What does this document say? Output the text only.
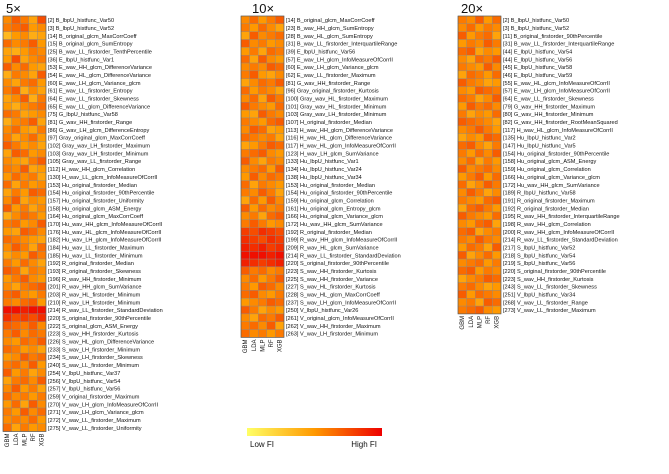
5×
[2] B_lbpU_histfunc_Var50
[3] B_lbpU_histfunc_Var52
[14] B_original_glcm_MaxCorrCoeff
[15] B_original_glcm_SumEntropy
[25] B_wav_LL_firstorder_TenthPercentile
[36] E_lbpU_histfunc_Var1
[53] E_wav_HH_glcm_DifferenceVariance
[54] E_wav_HL_glcm_DifferenceVariance
[60] E_wav_LH_glcm_Variance_glcm
[61] E_wav_LL_firstorder_Entropy
[64] E_wav_LL_firstorder_Skewness
[65] E_wav_LL_glcm_DifferenceVariance
[75] G_lbpU_histfunc_Var58
[81] G_wav_HH_firstorder_Range
[86] G_wav_LH_glcm_DifferenceEntropy
[97] Gray_original_glcm_MaxCorrCoeff
[102] Gray_wav_LH_firstorder_Maximum
[103] Gray_wav_LH_firstorder_Minimum
[105] Gray_wav_LL_firstorder_Range
[112] H_wav_HH_glcm_Correlation
[130] H_wav_LL_glcm_InfoMeasureOfCorrII
[153] Hu_original_firstorder_Median
[154] Hu_original_firstorder_90thPercentile
[157] Hu_original_firstorder_Uniformity
[158] Hu_original_glcm_ASM_Energy
[164] Hu_original_glcm_MaxCorrCoeff
[170] Hu_wav_HH_glcm_InfoMeasureOfCorrII
[176] Hu_wav_HL_glcm_InfoMeasureOfCorrII
[182] Hu_wav_LH_glcm_InfoMeasureOfCorrII
[184] Hu_wav_LL_firstorder_Maximum
[185] Hu_wav_LL_firstorder_Minimum
[192] R_original_firstorder_Median
[193] R_original_firstorder_Skewness
[196] R_wav_HH_firstorder_Minimum
[201] R_wav_HH_glcm_SumVariance
[203] R_wav_HL_firstorder_Minimum
[210] R_wav_LH_firstorder_Minimum
[214] R_wav_LL_firstorder_StandardDeviation
[220] S_original_firstorder_90thPercentile
[222] S_original_glcm_ASM_Energy
[223] S_wav_HH_firstorder_Kurtosis
[226] S_wav_HL_glcm_DifferenceVariance
[233] S_wav_LH_firstorder_Minimum
[234] S_wav_LH_firstorder_Skewness
[240] S_wav_LL_firstorder_Minimum
[254] V_lbpU_histfunc_Var37
[256] V_lbpU_histfunc_Var54
[257] V_lbpU_histfunc_Var56
[259] V_original_firstorder_Maximum
[270] V_wav_LH_glcm_InfoMeasureOfCorrII
[271] V_wav_LH_glcm_Variance_glcm
[272] V_wav_LL_firstorder_Maximum
[275] V_wav_LL_firstorder_Uniformity
GBM LDA MLP RF XGB
10×
[14] B_original_glcm_MaxCorrCoeff
[23] B_wav_HH_glcm_SumEntropy
[28] B_wav_HL_glcm_SumEntropy
[31] B_wav_LL_firstorder_InterquartileRange
[39] E_lbpU_histfunc_Var56
[57] E_wav_LH_glcm_InfoMeasureOfCorrII
[60] E_wav_LH_glcm_Variance_glcm
[62] E_wav_LL_firstorder_Maximum
[81] G_wav_HH_firstorder_Range
[96] Gray_original_firstorder_Kurtosis
[100] Gray_wav_HL_firstorder_Maximum
[101] Gray_wav_HL_firstorder_Minimum
[103] Gray_wav_LH_firstorder_Minimum
[107] H_original_firstorder_Median
[113] H_wav_HH_glcm_DifferenceVariance
[116] H_wav_HL_glcm_DifferenceVariance
[117] H_wav_HL_glcm_InfoMeasureOfCorrII
[123] H_wav_LH_glcm_SumVariance
[133] Hu_lbpU_histfunc_Var1
[134] Hu_lbpU_histfunc_Var24
[138] Hu_lbpU_histfunc_Var34
[153] Hu_original_firstorder_Median
[154] Hu_original_firstorder_90thPercentile
[159] Hu_original_glcm_Correlation
[161] Hu_original_glcm_Entropy_glcm
[166] Hu_original_glcm_Variance_glcm
[172] Hu_wav_HH_glcm_SumVariance
[192] R_original_firstorder_Median
[199] R_wav_HH_glcm_InfoMeasureOfCorrII
[209] R_wav_HL_glcm_SumVariance
[214] R_wav_LL_firstorder_StandardDeviation
[220] S_original_firstorder_90thPercentile
[223] S_wav_HH_firstorder_Kurtosis
[225] S_wav_HH_firstorder_Variance
[227] S_wav_HL_firstorder_Kurtosis
[228] S_wav_HL_glcm_MaxCorrCoeff
[237] S_wav_LH_glcm_InfoMeasureOfCorrII
[250] V_lbpU_histfunc_Var26
[261] V_original_glcm_InfoMeasureOfCorrII
[262] V_wav_HH_firstorder_Maximum
[263] V_wav_LH_firstorder_Minimum
GBM LDA MLP RF XGB
20×
[2] B_lbpU_histfunc_Var50
[3] B_lbpU_histfunc_Var52
[11] B_original_firstorder_90thPercentile
[31] B_wav_LL_firstorder_InterquartileRange
[44] E_lbpU_histfunc_Var54
[44] E_lbpU_histfunc_Var56
[45] E_lbpU_histfunc_Var58
[46] E_lbpU_histfunc_Var59
[55] E_wav_HL_glcm_InfoMeasureOfCorrII
[57] E_wav_LH_glcm_InfoMeasureOfCorrII
[64] E_wav_LL_firstorder_Skewness
[79] G_wav_HH_firstorder_Maximum
[80] G_wav_HH_firstorder_Minimum
[82] G_wav_HH_firstorder_RootMeanSquared
[117] H_wav_HL_glcm_InfoMeasureOfCorrII
[135] Hu_lbpU_histfunc_Var2
[147] Hu_lbpU_histfunc_Var5
[154] Hu_original_firstorder_90thPercentile
[158] Hu_original_glcm_ASM_Energy
[159] Hu_original_glcm_Correlation
[166] Hu_original_glcm_Variance_glcm
[172] Hu_wav_HH_glcm_SumVariance
[189] R_lbpU_histfunc_Var58
[191] R_original_firstorder_Maximum
[192] R_original_firstorder_Median
[195] R_wav_HH_firstorder_InterquartileRange
[198] R_wav_HH_glcm_Correlation
[200] R_wav_HH_glcm_InfoMeasureOfCorrII
[214] R_wav_LL_firstorder_StandardDeviation
[217] S_lbpU_histfunc_Var52
[218] S_lbpU_histfunc_Var54
[219] S_lbpU_histfunc_Var56
[220] S_original_firstorder_90thPercentile
[223] S_wav_HH_firstorder_Kurtosis
[243] S_wav_LL_firstorder_Skewness
[251] V_lbpU_histfunc_Var34
[268] V_wav_LL_firstorder_Range
[273] V_wav_LL_firstorder_Maximum
GBM LDA MLP RF XGB
Low FI	High FI
